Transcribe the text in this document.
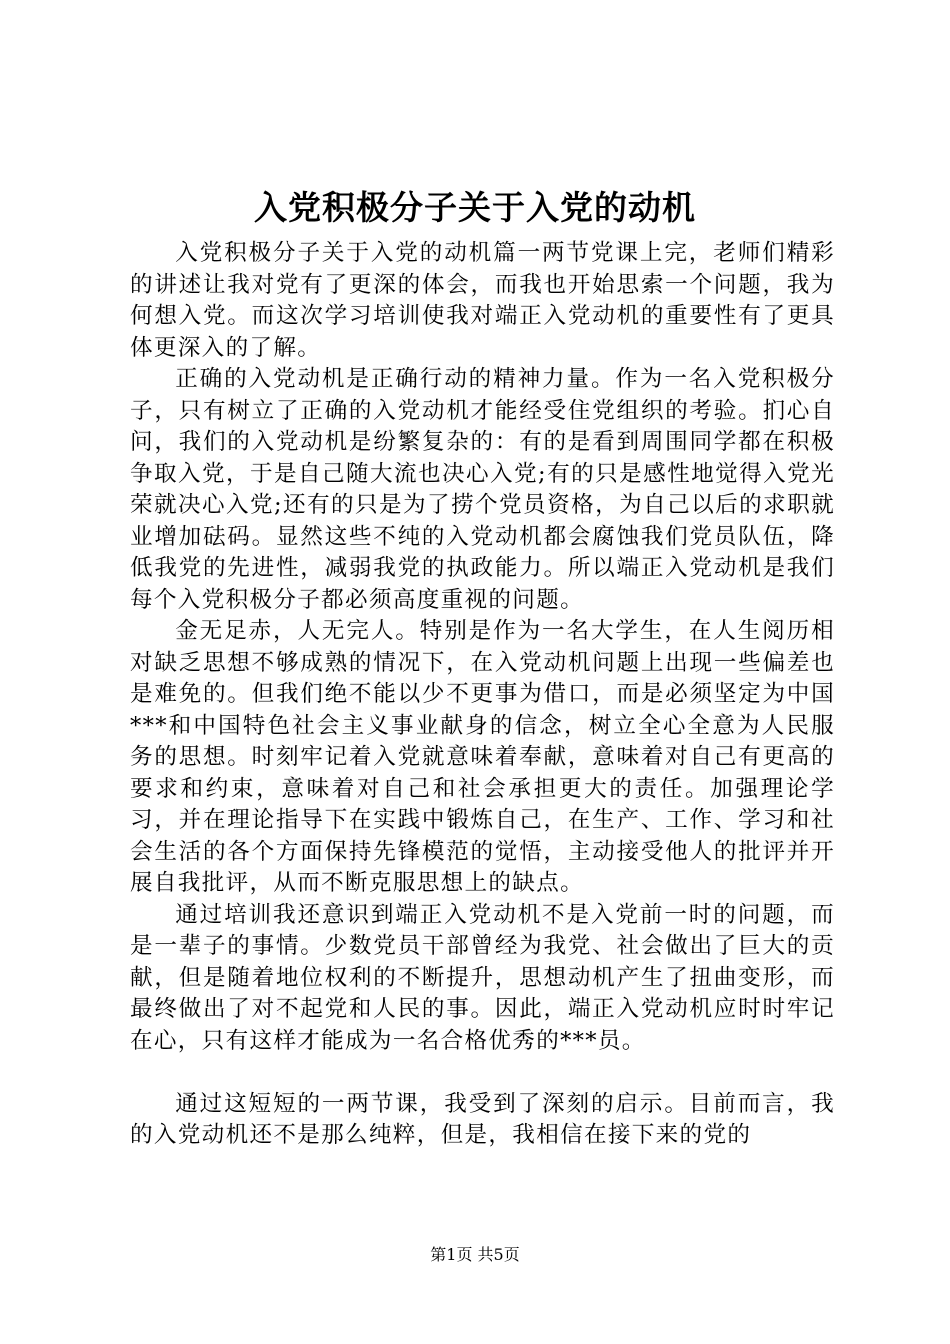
入党积极分子关于入党的动机

入党积极分子关于入党的动机篇一两节党课上完，老师们精彩的讲述让我对党有了更深的体会，而我也开始思索一个问题，我为何想入党。而这次学习培训使我对端正入党动机的重要性有了更具体更深入的了解。

正确的入党动机是正确行动的精神力量。作为一名入党积极分子，只有树立了正确的入党动机才能经受住党组织的考验。扪心自问，我们的入党动机是纷繁复杂的：有的是看到周围同学都在积极争取入党，于是自己随大流也决心入党;有的只是感性地觉得入党光荣就决心入党;还有的只是为了捞个党员资格，为自己以后的求职就业增加砝码。显然这些不纯的入党动机都会腐蚀我们党员队伍，降低我党的先进性，减弱我党的执政能力。所以端正入党动机是我们每个入党积极分子都必须高度重视的问题。

金无足赤，人无完人。特别是作为一名大学生，在人生阅历相对缺乏思想不够成熟的情况下，在入党动机问题上出现一些偏差也是难免的。但我们绝不能以少不更事为借口，而是必须坚定为中国***和中国特色社会主义事业献身的信念，树立全心全意为人民服务的思想。时刻牢记着入党就意味着奉献，意味着对自己有更高的要求和约束，意味着对自己和社会承担更大的责任。加强理论学习，并在理论指导下在实践中锻炼自己，在生产、工作、学习和社会生活的各个方面保持先锋模范的觉悟，主动接受他人的批评并开展自我批评，从而不断克服思想上的缺点。

通过培训我还意识到端正入党动机不是入党前一时的问题，而是一辈子的事情。少数党员干部曾经为我党、社会做出了巨大的贡献，但是随着地位权利的不断提升，思想动机产生了扭曲变形，而最终做出了对不起党和人民的事。因此，端正入党动机应时时牢记在心，只有这样才能成为一名合格优秀的***员。

通过这短短的一两节课，我受到了深刻的启示。目前而言，我的入党动机还不是那么纯粹，但是，我相信在接下来的党的

第1页 共5页
